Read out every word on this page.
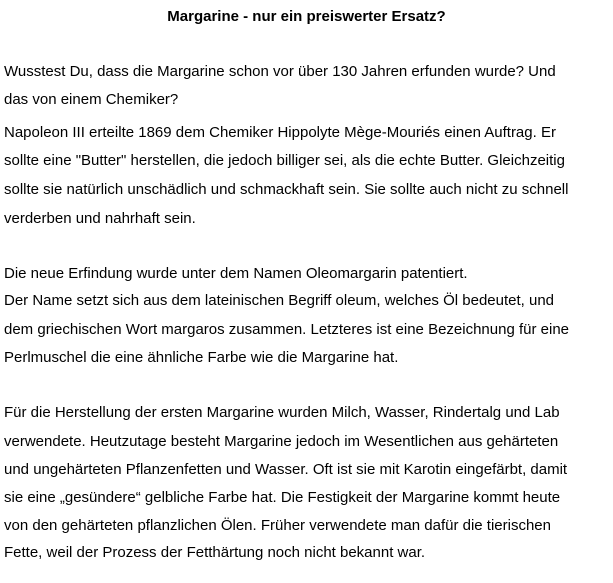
Margarine - nur ein preiswerter Ersatz?
Wusstest Du, dass die Margarine schon vor über 130 Jahren erfunden wurde? Und
das von einem Chemiker?
Napoleon III erteilte 1869 dem Chemiker Hippolyte Mège-Mouriés einen Auftrag. Er
sollte eine "Butter" herstellen, die jedoch billiger sei, als die echte Butter. Gleichzeitig
sollte sie natürlich unschädlich und schmackhaft sein. Sie sollte auch nicht zu schnell
verderben und nahrhaft sein.
Die neue Erfindung wurde unter dem Namen Oleomargarin patentiert.
Der Name setzt sich aus dem lateinischen Begriff oleum, welches Öl bedeutet, und
dem griechischen Wort margaros zusammen. Letzteres ist eine Bezeichnung für eine
Perlmuschel die eine ähnliche Farbe wie die Margarine hat.
Für die Herstellung der ersten Margarine wurden Milch, Wasser, Rindertalg und Lab
verwendete. Heutzutage besteht Margarine jedoch im Wesentlichen aus gehärteten
und ungehärteten Pflanzenfetten und Wasser. Oft ist sie mit Karotin eingefärbt, damit
sie eine „gesündere“ gelbliche Farbe hat. Die Festigkeit der Margarine kommt heute
von den gehärteten pflanzlichen Ölen. Früher verwendete man dafür die tierischen
Fette, weil der Prozess der Fetthärtung noch nicht bekannt war.
